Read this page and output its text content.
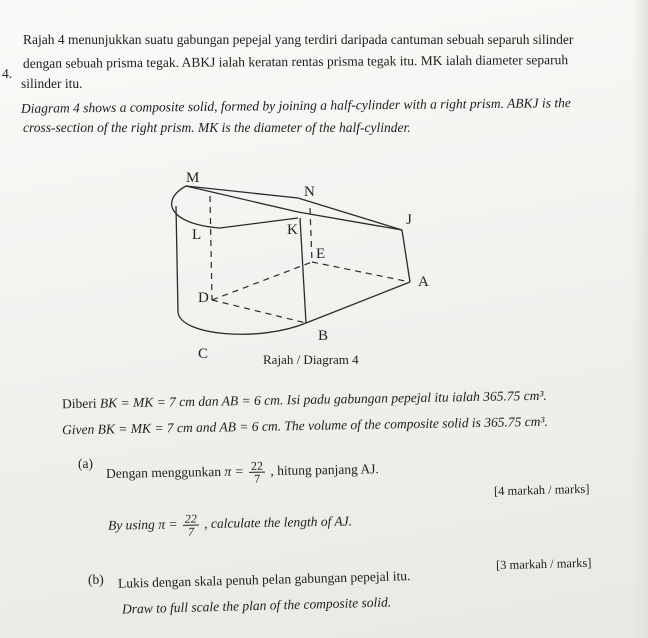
4.
Rajah 4 menunjukkan suatu gabungan pepejal yang terdiri daripada cantuman sebuah separuh silinder
dengan sebuah prisma tegak. ABKJ ialah keratan rentas prisma tegak itu. MK ialah diameter separuh
silinder itu.
Diagram 4 shows a composite solid, formed by joining a half-cylinder with a right prism. ABKJ is the
cross-section of the right prism. MK is the diameter of the half-cylinder.
M
N
J
L	K
E
A
D
B
C	Rajah / Diagram 4
Diberi BK = MK = 7 cm dan AB = 6 cm. Isi padu gabungan pepejal itu ialah 365.75 cm³.
Given BK = MK = 7 cm and AB = 6 cm. The volume of the composite solid is 365.75 cm³.
(a)
Dengan menggunkan $\pi = \frac{22}{7}$ , hitung panjang AJ.
By using $\pi = \frac{22}{7}$ , calculate the length of AJ.
[4 markah / marks]
(b) Lukis dengan skala penuh pelan gabungan pepejal itu.
Draw to full scale the plan of the composite solid.
[3 markah / marks]
